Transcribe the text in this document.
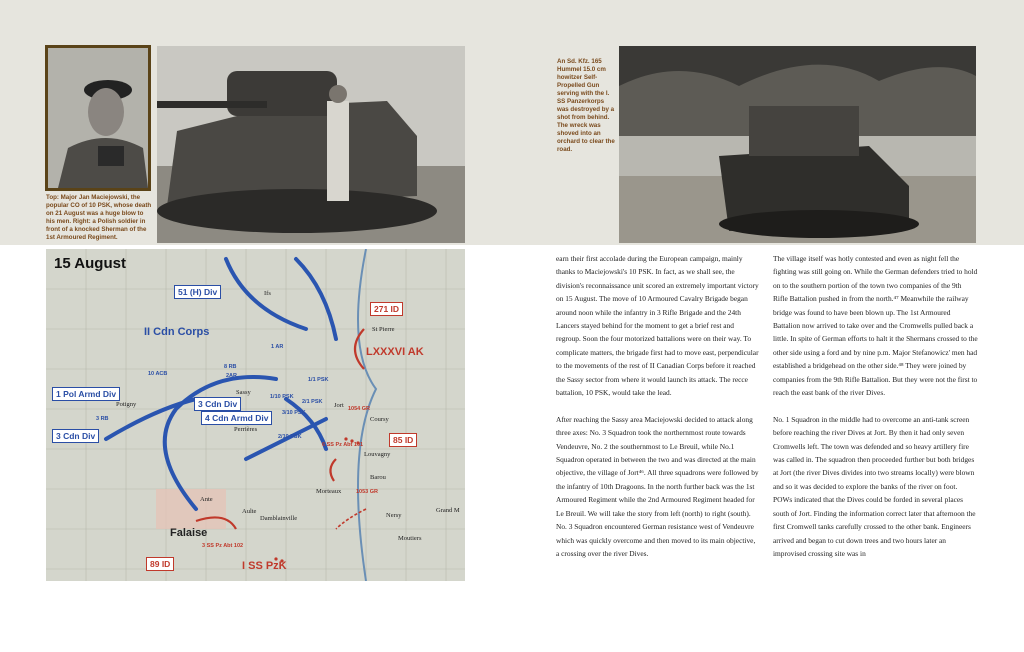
Top: Major Jan Maciejowski, the popular CO of 10 PSK, whose death on 21 August was a huge blow to his men. Right: a Polish soldier in front of a knocked Sherman of the 1st Armoured Regiment.
An Sd. Kfz. 165 Hummel 15.0 cm howitzer Self-Propelled Gun serving with the I. SS Panzerkorps was destroyed by a shot from behind. The wreck was shoved into an orchard to clear the road.
15 August
51 (H) Div
II Cdn Corps
1 Pol Armd Div
3 Cdn Div
4 Cdn Armd Div
3 Cdn Div
271 ID
LXXXVI AK
1054 GR
85 ID
1053 GR
89 ID	I SS PzK
10 ACB
3 RB
8 RB
2AR
1 AR
1/10 PSK
3/10 PSK
2/10 PSK
1/1 PSK
2/1 PSK
6 SS Pz Abt 101
3 SS Pz Abt 102
Ifs
St Pierre
Potigny	Jort
Coursy
Perrières
Louvagny
Barou
Morteaux
Damblainville
Falaise
Nersy
Moutiers
Grand M
Sassy
Ante
Aulte

earn their first accolade during the European campaign, mainly thanks to Maciejowski's 10 PSK. In fact, as we shall see, the division's reconnaissance unit scored an extremely important victory on 15 August. The move of 10 Armoured Cavalry Brigade began around noon while the infantry in 3 Rifle Brigade and the 24th Lancers stayed behind for the moment to get a brief rest and regroup. Soon the four motorized battalions were on their way. To complicate matters, the brigade first had to move east, perpendicular to the movements of the rest of II Canadian Corps before it reached the Sassy sector from where it would launch its attack. The recce battalion, 10 PSK, would take the lead.

After reaching the Sassy area Maciejowski decided to attack along three axes: No. 3 Squadron took the northernmost route towards Vendeuvre, No. 2 the southernmost to Le Breuil, while No.1 Squadron operated in between the two and was directed at the main objective, the village of Jort⁴⁶. All three squadrons were followed by the infantry of 10th Dragoons. In the north further back was the 1st Armoured Regiment while the 2nd Armoured Regiment headed for Le Breuil. We will take the story from left (north) to right (south). No. 3 Squadron encountered German resistance west of Vendeuvre which was quickly overcome and then moved to its main objective, a crossing over the river Dives.

The village itself was hotly contested and even as night fell the fighting was still going on. While the German defenders tried to hold on to the southern portion of the town two companies of the 9th Rifle Battalion pushed in from the north.⁴⁷ Meanwhile the railway bridge was found to have been blown up. The 1st Armoured Battalion now arrived to take over and the Cromwells pulled back a little. In spite of German efforts to halt it the Shermans crossed to the other side using a ford and by nine p.m. Major Stefanowicz' men had established a bridgehead on the other side.⁴⁸ They were joined by companies from the 9th Rifle Battalion. But they were not the first to reach the east bank of the river Dives.

No. 1 Squadron in the middle had to overcome an anti-tank screen before reaching the river Dives at Jort. By then it had only seven Cromwells left. The town was defended and so heavy artillery fire was called in. The squadron then proceeded further but both bridges at Jort (the river Dives divides into two streams locally) were blown and so it was decided to explore the banks of the river on foot. POWs indicated that the Dives could be forded in several places south of Jort. Finding the information correct later that afternoon the first Cromwell tanks carefully crossed to the other bank. Engineers arrived and began to cut down trees and two hours later an improvised crossing site was in
